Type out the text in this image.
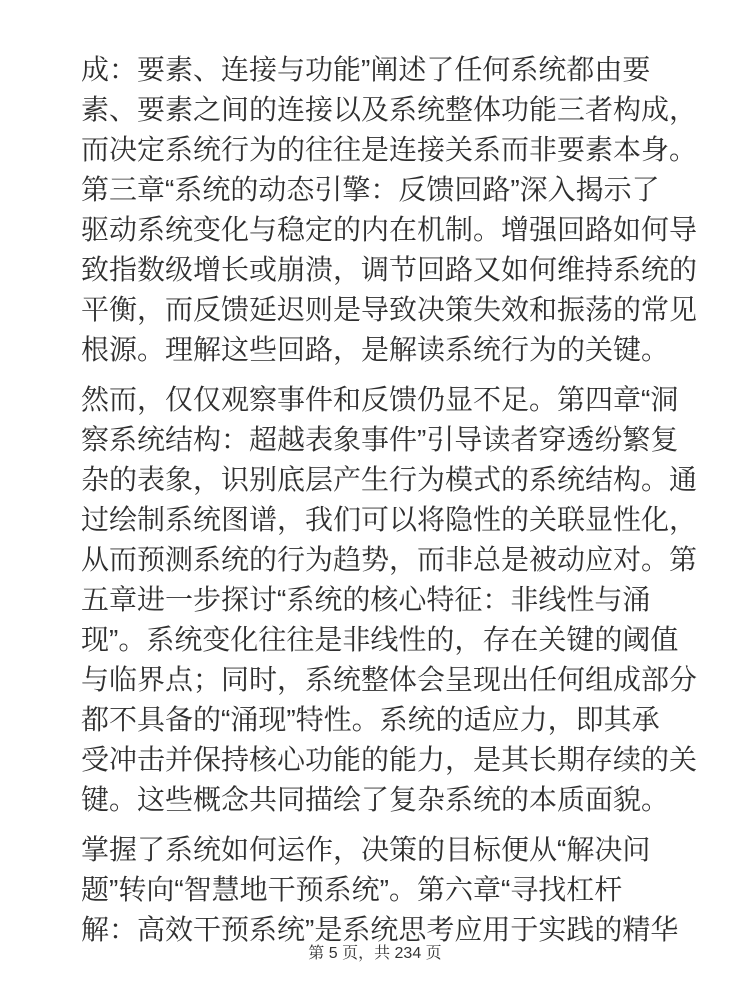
成：要素、连接与功能”阐述了任何系统都由要
素、要素之间的连接以及系统整体功能三者构成，
而决定系统行为的往往是连接关系而非要素本身。
第三章“系统的动态引擎：反馈回路”深入揭示了
驱动系统变化与稳定的内在机制。增强回路如何导
致指数级增长或崩溃，调节回路又如何维持系统的
平衡，而反馈延迟则是导致决策失效和振荡的常见
根源。理解这些回路，是解读系统行为的关键。
然而，仅仅观察事件和反馈仍显不足。第四章“洞
察系统结构：超越表象事件”引导读者穿透纷繁复
杂的表象，识别底层产生行为模式的系统结构。通
过绘制系统图谱，我们可以将隐性的关联显性化，
从而预测系统的行为趋势，而非总是被动应对。第
五章进一步探讨“系统的核心特征：非线性与涌
现”。系统变化往往是非线性的，存在关键的阈值
与临界点；同时，系统整体会呈现出任何组成部分
都不具备的“涌现”特性。系统的适应力，即其承
受冲击并保持核心功能的能力，是其长期存续的关
键。这些概念共同描绘了复杂系统的本质面貌。
掌握了系统如何运作，决策的目标便从“解决问
题”转向“智慧地干预系统”。第六章“寻找杠杆
解：高效干预系统”是系统思考应用于实践的精华
第 5 页，共 234 页
